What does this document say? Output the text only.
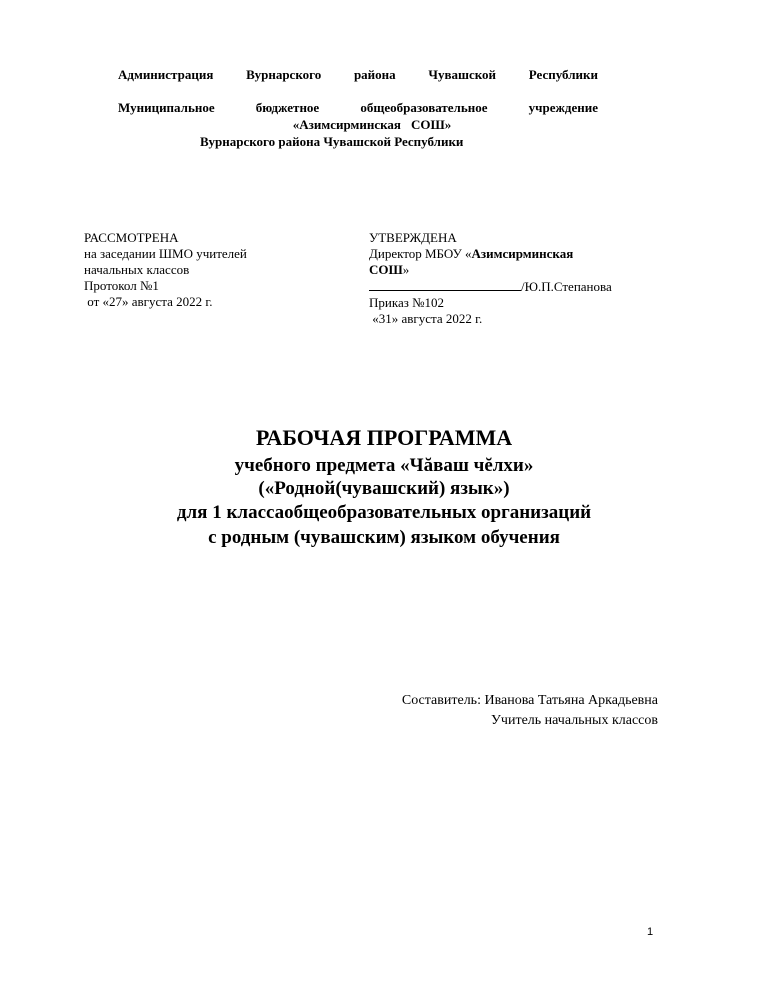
Администрация	Вурнарского	района	Чувашской	Республики
Муниципальное	бюджетное	общеобразовательное	учреждение
«Азимсирминская СОШ»
Вурнарского района Чувашской Республики
РАССМОТРЕНА
на заседании ШМО учителей
начальных классов
Протокол №1
от «27» августа 2022 г.
УТВЕРЖДЕНА
Директор МБОУ «Азимсирминская
СОШ»
/Ю.П.Степанова
Приказ №102
«31» августа 2022 г.
РАБОЧАЯ ПРОГРАММА
учебного предмета «Чăваш чĕлхи»
(«Родной(чувашский) язык»)
для 1 классаобщеобразовательных организаций
с родным (чувашским) языком обучения
Составитель: Иванова Татьяна Аркадьевна
Учитель начальных классов
1
